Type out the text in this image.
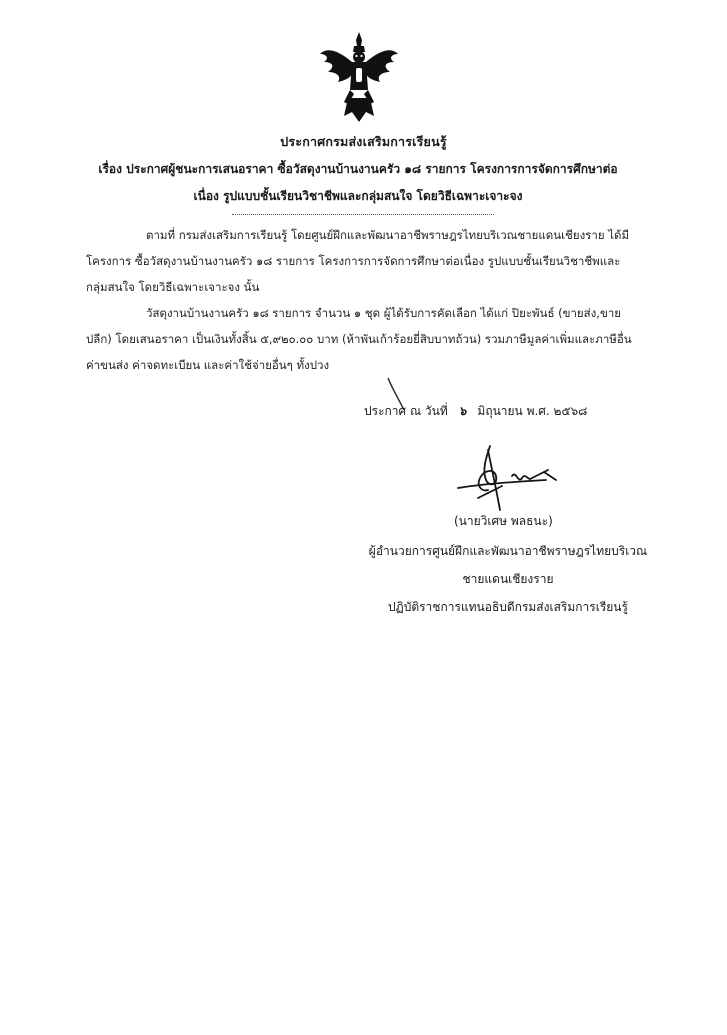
ประกาศกรมส่งเสริมการเรียนรู้
เรื่อง ประกาศผู้ชนะการเสนอราคา ซื้อวัสดุงานบ้านงานครัว ๑๘ รายการ โครงการการจัดการศึกษาต่อเนื่อง รูปแบบชั้นเรียนวิชาชีพและกลุ่มสนใจ โดยวิธีเฉพาะเจาะจง
ตามที่ กรมส่งเสริมการเรียนรู้ โดยศูนย์ฝึกและพัฒนาอาชีพราษฎรไทยบริเวณชายแดนเชียงราย ได้มีโครงการ ซื้อวัสดุงานบ้านงานครัว ๑๘ รายการ โครงการการจัดการศึกษาต่อเนื่อง รูปแบบชั้นเรียนวิชาชีพและกลุ่มสนใจ โดยวิธีเฉพาะเจาะจง นั้น
วัสดุงานบ้านงานครัว ๑๘ รายการ จำนวน ๑ ชุด ผู้ได้รับการคัดเลือก ได้แก่ ปิยะพันธ์ (ขายส่ง,ขายปลีก) โดยเสนอราคา เป็นเงินทั้งสิ้น ๕,๙๒๐.๐๐ บาท (ห้าพันเก้าร้อยยี่สิบบาทถ้วน) รวมภาษีมูลค่าเพิ่มและภาษีอื่น ค่าขนส่ง ค่าจดทะเบียน และค่าใช้จ่ายอื่นๆ ทั้งปวง
ประกาศ ณ วันที่ ๖ มิถุนายน พ.ศ. ๒๕๖๘
(นายวิเศษ พลธนะ)
ผู้อำนวยการศูนย์ฝึกและพัฒนาอาชีพราษฎรไทยบริเวณ
ชายแดนเชียงราย
ปฏิบัติราชการแทนอธิบดีกรมส่งเสริมการเรียนรู้
